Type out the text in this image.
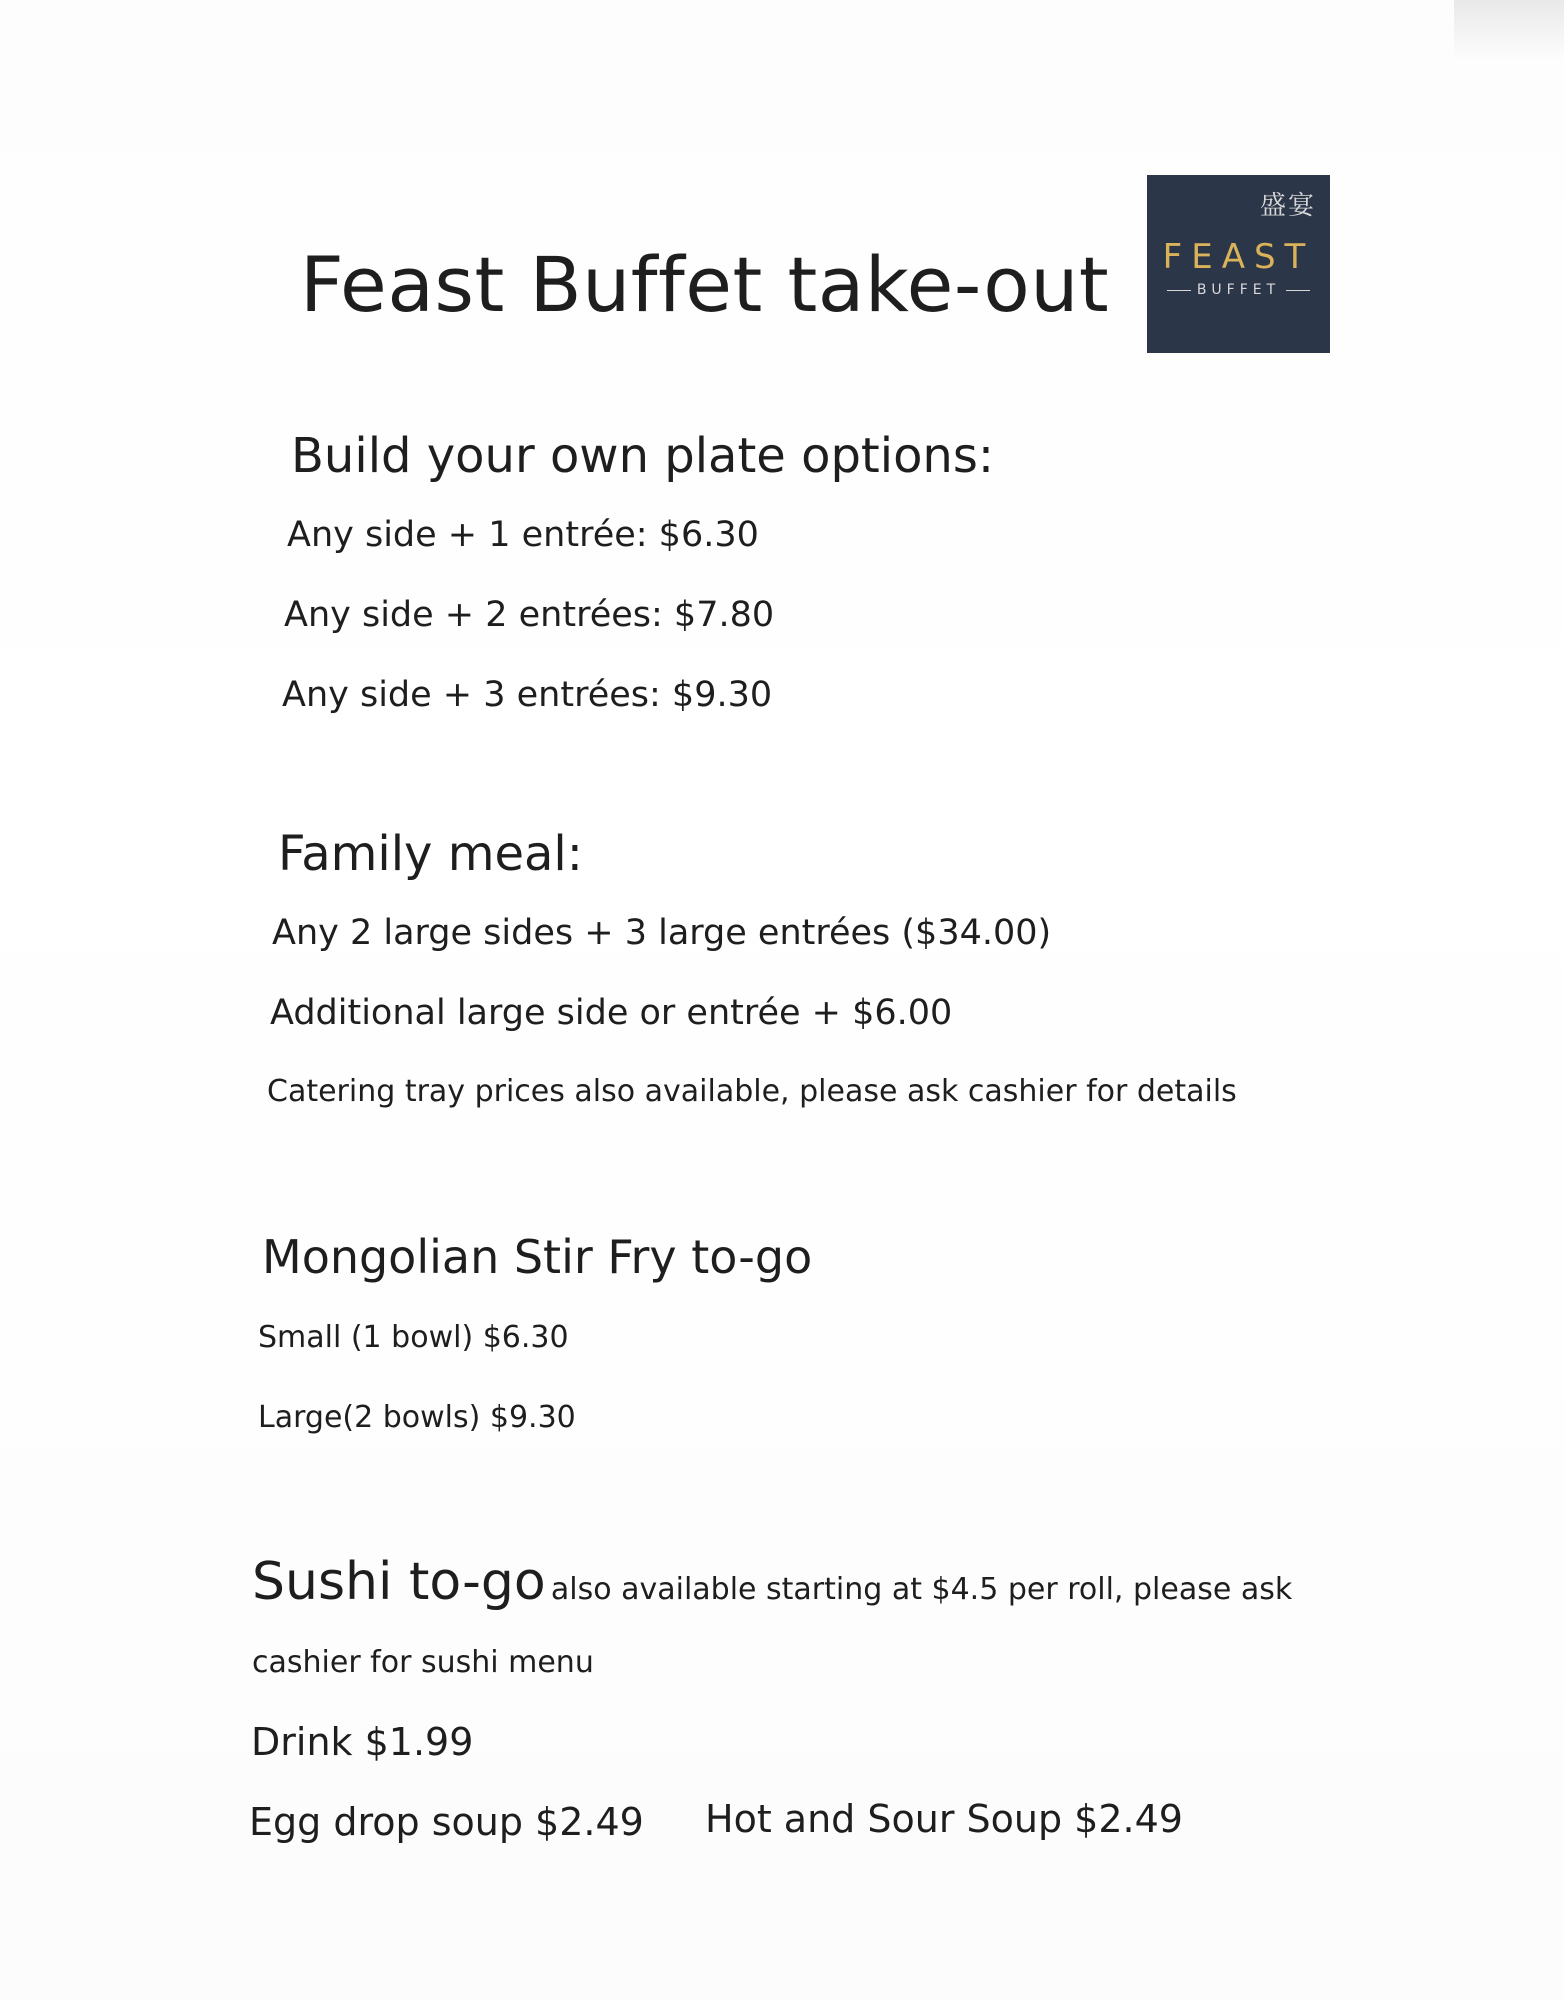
Feast Buffet take-out
盛宴
FEAST
BUFFET
Build your own plate options:
Any side + 1 entrée: $6.30
Any side + 2 entrées: $7.80
Any side + 3 entrées: $9.30
Family meal:
Any 2 large sides + 3 large entrées ($34.00)
Additional large side or entrée + $6.00
Catering tray prices also available, please ask cashier for details
Mongolian Stir Fry to-go
Small (1 bowl) $6.30
Large(2 bowls) $9.30
Sushi to-go also available starting at $4.5 per roll, please ask
cashier for sushi menu
Drink $1.99
Egg drop soup $2.49 Hot and Sour Soup $2.49
